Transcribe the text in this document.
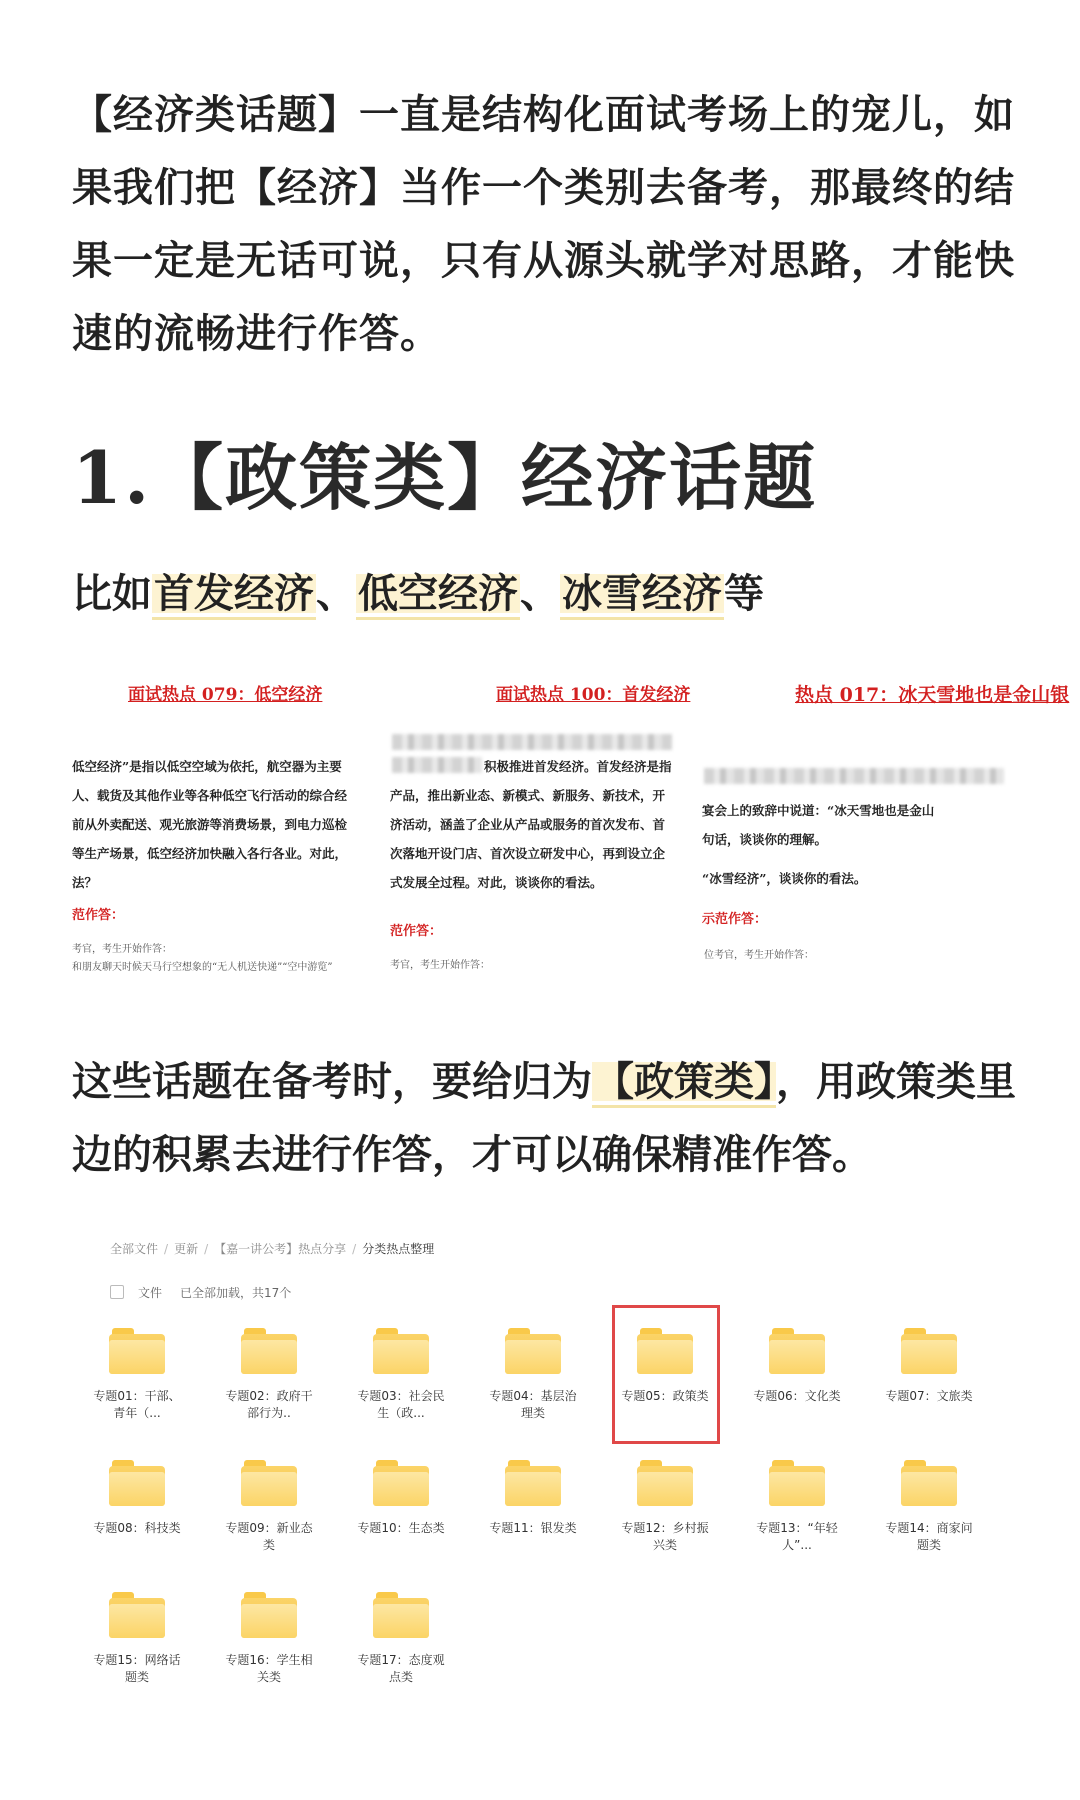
【经济类话题】一直是结构化面试考场上的宠儿，如果我们把【经济】当作一个类别去备考，那最终的结果一定是无话可说，只有从源头就学对思路，才能快速的流畅进行作答。
1.【政策类】经济话题
比如首发经济、低空经济、冰雪经济等
面试热点 079：低空经济
低空经济”是指以低空空域为依托，航空器为主要
人、载货及其他作业等各种低空飞行活动的综合经
前从外卖配送、观光旅游等消费场景，到电力巡检
等生产场景，低空经济加快融入各行各业。对此，
法？
范作答：
考官，考生开始作答：
和朋友聊天时候天马行空想象的“无人机送快递”“空中游览”
面试热点 100：首发经济
积极推进首发经济。首发经济是指
产品，推出新业态、新模式、新服务、新技术，开
济活动，涵盖了企业从产品或服务的首次发布、首
次落地开设门店、首次设立研发中心，再到设立企
式发展全过程。对此，谈谈你的看法。
范作答：
考官，考生开始作答：
热点 017：冰天雪地也是金山银
宴会上的致辞中说道：“冰天雪地也是金山
句话，谈谈你的理解。
“冰雪经济”，谈谈你的看法。
示范作答：
位考官，考生开始作答：
这些话题在备考时，要给归为【政策类】，用政策类里边的积累去进行作答，才可以确保精准作答。
全部文件 / 更新 / 【嘉一讲公考】热点分享 / 分类热点整理
文件 已全部加载，共17个
专题01：干部、青年（...
专题02：政府干部行为..
专题03：社会民生（政...
专题04：基层治理类
专题05：政策类	专题06：文化类	专题07：文旅类
专题08：科技类	专题09：新业态类
专题10：生态类	专题11：银发类	专题12：乡村振兴类
专题13：“年轻人”...
专题14：商家问题类
专题15：网络话题类
专题16：学生相关类
专题17：态度观点类
